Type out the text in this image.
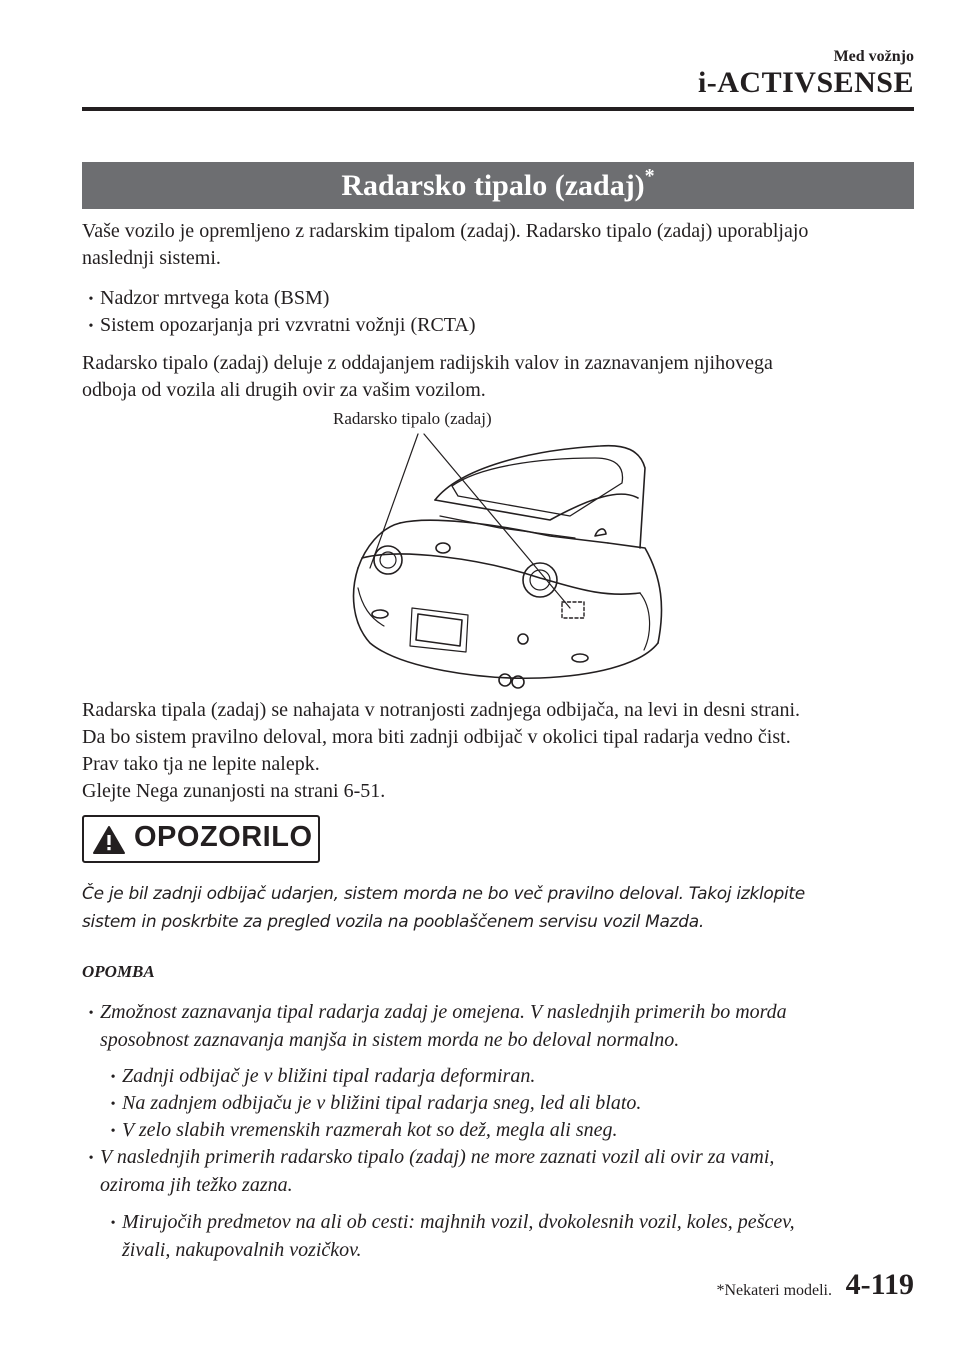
Med vožnjo
i-ACTIVSENSE
Radarsko tipalo (zadaj)*
Vaše vozilo je opremljeno z radarskim tipalom (zadaj). Radarsko tipalo (zadaj) uporabljajo
naslednji sistemi.
• Nadzor mrtvega kota (BSM)
• Sistem opozarjanja pri vzvratni vožnji (RCTA)
Radarsko tipalo (zadaj) deluje z oddajanjem radijskih valov in zaznavanjem njihovega
odboja od vozila ali drugih ovir za vašim vozilom.
Radarsko tipalo (zadaj)
Radarska tipala (zadaj) se nahajata v notranjosti zadnjega odbijača, na levi in desni strani.
Da bo sistem pravilno deloval, mora biti zadnji odbijač v okolici tipal radarja vedno čist.
Prav tako tja ne lepite nalepk.
Glejte Nega zunanjosti na strani 6-51.
OPOZORILO
Če je bil zadnji odbijač udarjen, sistem morda ne bo več pravilno deloval. Takoj izklopite
sistem in poskrbite za pregled vozila na pooblaščenem servisu vozil Mazda.
OPOMBA
• Zmožnost zaznavanja tipal radarja zadaj je omejena. V naslednjih primerih bo morda
sposobnost zaznavanja manjša in sistem morda ne bo deloval normalno.
• Zadnji odbijač je v bližini tipal radarja deformiran.
• Na zadnjem odbijaču je v bližini tipal radarja sneg, led ali blato.
• V zelo slabih vremenskih razmerah kot so dež, megla ali sneg.
• V naslednjih primerih radarsko tipalo (zadaj) ne more zaznati vozil ali ovir za vami,
oziroma jih težko zazna.
• Mirujočih predmetov na ali ob cesti: majhnih vozil, dvokolesnih vozil, koles, pešcev,
živali, nakupovalnih vozičkov.
*Nekateri modeli. 4-119
